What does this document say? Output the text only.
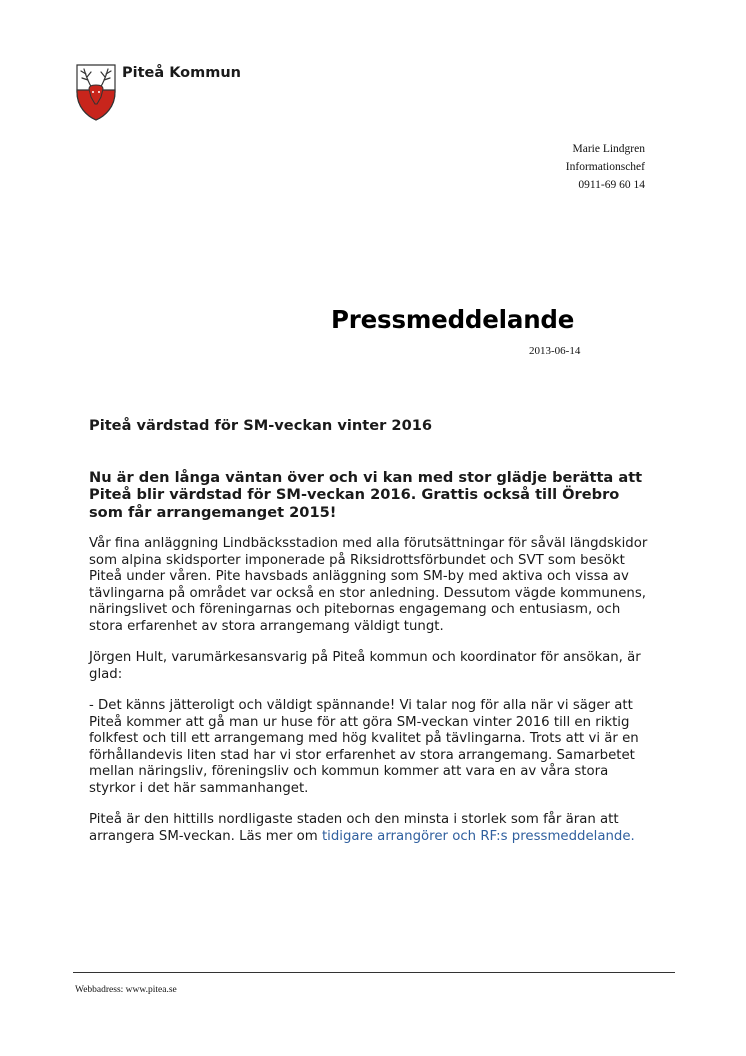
Piteå Kommun
Marie Lindgren
Informationschef
0911-69 60 14
Pressmeddelande
2013-06-14

Piteå värdstad för SM-veckan vinter 2016

Nu är den långa väntan över och vi kan med stor glädje berätta att Piteå blir värdstad för SM-veckan 2016. Grattis också till Örebro som får arrangemanget 2015!

Vår fina anläggning Lindbäcksstadion med alla förutsättningar för såväl längdskidor som alpina skidsporter imponerade på Riksidrottsförbundet och SVT som besökt Piteå under våren. Pite havsbads anläggning som SM-by med aktiva och vissa av tävlingarna på området var också en stor anledning. Dessutom vägde kommunens, näringslivet och föreningarnas och pitebornas engagemang och entusiasm, och stora erfarenhet av stora arrangemang väldigt tungt.

Jörgen Hult, varumärkesansvarig på Piteå kommun och koordinator för ansökan, är glad:

- Det känns jätteroligt och väldigt spännande! Vi talar nog för alla när vi säger att Piteå kommer att gå man ur huse för att göra SM-veckan vinter 2016 till en riktig folkfest och till ett arrangemang med hög kvalitet på tävlingarna. Trots att vi är en förhållandevis liten stad har vi stor erfarenhet av stora arrangemang. Samarbetet mellan näringsliv, föreningsliv och kommun kommer att vara en av våra stora styrkor i det här sammanhanget.

Piteå är den hittills nordligaste staden och den minsta i storlek som får äran att arrangera SM-veckan. Läs mer om tidigare arrangörer och RF:s pressmeddelande.

Webbadress: www.pitea.se
